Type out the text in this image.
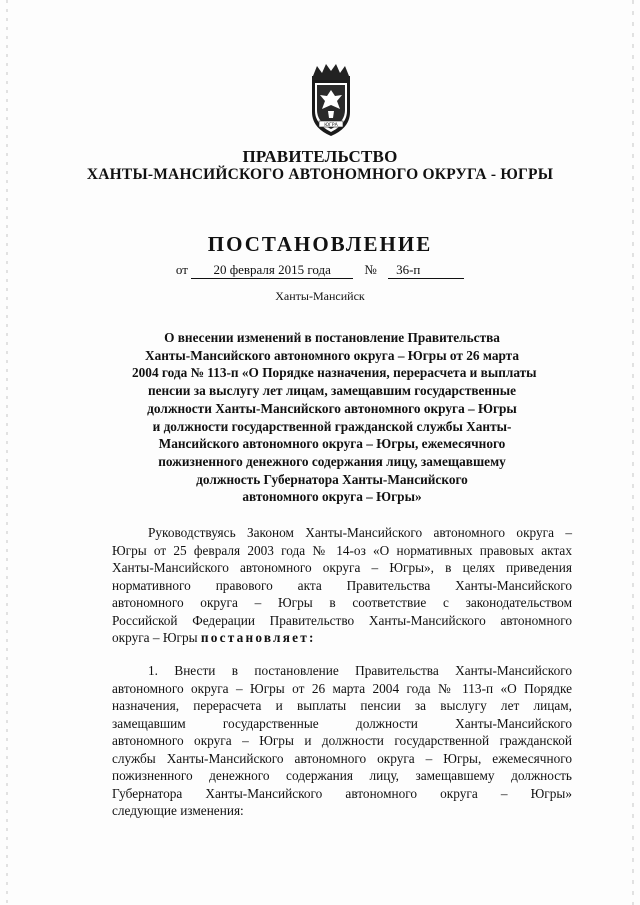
ЮГРА
ПРАВИТЕЛЬСТВО
ХАНТЫ-МАНСИЙСКОГО АВТОНОМНОГО ОКРУГА - ЮГРЫ
ПОСТАНОВЛЕНИЕ
от 20 февраля 2015 года	№ 36-п
Ханты-Мансийск
О внесении изменений в постановление Правительства
Ханты-Мансийского автономного округа – Югры от 26 марта
2004 года № 113-п «О Порядке назначения, перерасчета и выплаты
пенсии за выслугу лет лицам, замещавшим государственные
должности Ханты-Мансийского автономного округа – Югры
и должности государственной гражданской службы Ханты-
Мансийского автономного округа – Югры, ежемесячного
пожизненного денежного содержания лицу, замещавшему
должность Губернатора Ханты-Мансийского
автономного округа – Югры»
Руководствуясь Законом Ханты-Мансийского автономного округа –
Югры от 25 февраля 2003 года № 14-оз «О нормативных правовых актах
Ханты-Мансийского автономного округа – Югры», в целях приведения
нормативного правового акта Правительства Ханты-Мансийского
автономного округа – Югры в соответствие с законодательством
Российской Федерации Правительство Ханты-Мансийского автономного
округа – Югры постановляет:
1. Внести в постановление Правительства Ханты-Мансийского
автономного округа – Югры от 26 марта 2004 года № 113-п «О Порядке
назначения, перерасчета и выплаты пенсии за выслугу лет лицам,
замещавшим государственные должности Ханты-Мансийского
автономного округа – Югры и должности государственной гражданской
службы Ханты-Мансийского автономного округа – Югры, ежемесячного
пожизненного денежного содержания лицу, замещавшему должность
Губернатора Ханты-Мансийского автономного округа – Югры»
следующие изменения:
